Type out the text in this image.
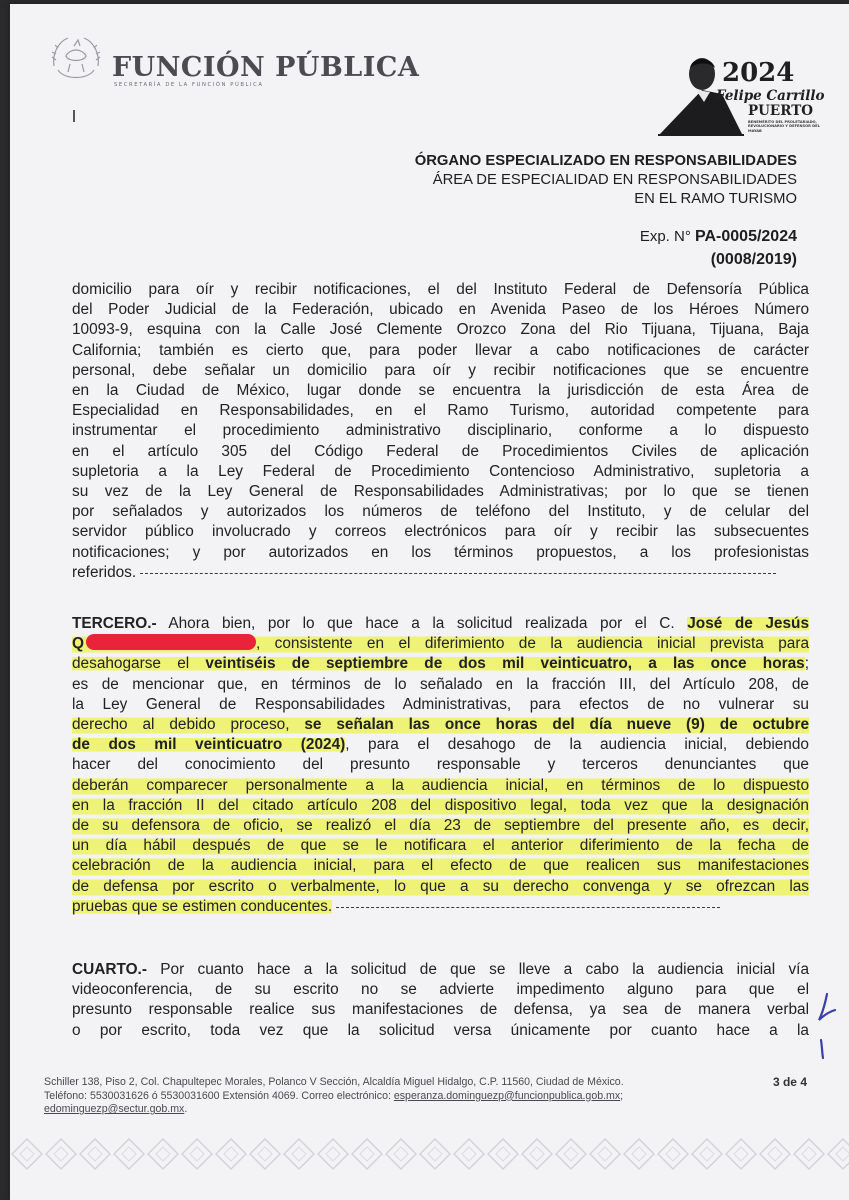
FUNCIÓN PÚBLICA
SECRETARÍA DE LA FUNCIÓN PÚBLICA	2024
Felipe Carrillo
PUERTO
BENEMÉRITO DEL PROLETARIADO, REVOLUCIONARIO Y DEFENSOR DEL MAYAB
ÓRGANO ESPECIALIZADO EN RESPONSABILIDADES
ÁREA DE ESPECIALIDAD EN RESPONSABILIDADES
EN EL RAMO TURISMO
Exp. N° PA-0005/2024
(0008/2019)
domicilio para oír y recibir notificaciones, el del Instituto Federal de Defensoría Pública
del Poder Judicial de la Federación, ubicado en Avenida Paseo de los Héroes Número
10093-9, esquina con la Calle José Clemente Orozco Zona del Rio Tijuana, Tijuana, Baja
California; también es cierto que, para poder llevar a cabo notificaciones de carácter
personal, debe señalar un domicilio para oír y recibir notificaciones que se encuentre
en la Ciudad de México, lugar donde se encuentra la jurisdicción de esta Área de
Especialidad en Responsabilidades, en el Ramo Turismo, autoridad competente para
instrumentar el procedimiento administrativo disciplinario, conforme a lo dispuesto
en el artículo 305 del Código Federal de Procedimientos Civiles de aplicación
supletoria a la Ley Federal de Procedimiento Contencioso Administrativo, supletoria a
su vez de la Ley General de Responsabilidades Administrativas; por lo que se tienen
por señalados y autorizados los números de teléfono del Instituto, y de celular del
servidor público involucrado y correos electrónicos para oír y recibir las subsecuentes
notificaciones; y por autorizados en los términos propuestos, a los profesionistas
referidos.
TERCERO.- Ahora bien, por lo que hace a la solicitud realizada por el C. José de Jesús
Q	, consistente en el diferimiento de la audiencia inicial prevista para
desahogarse el veintiséis de septiembre de dos mil veinticuatro, a las once horas;
es de mencionar que, en términos de lo señalado en la fracción III, del Artículo 208, de
la Ley General de Responsabilidades Administrativas, para efectos de no vulnerar su
derecho al debido proceso, se señalan las once horas del día nueve (9) de octubre
de dos mil veinticuatro (2024), para el desahogo de la audiencia inicial, debiendo
hacer del conocimiento del presunto responsable y terceros denunciantes que
deberán comparecer personalmente a la audiencia inicial, en términos de lo dispuesto
en la fracción II del citado artículo 208 del dispositivo legal, toda vez que la designación
de su defensora de oficio, se realizó el día 23 de septiembre del presente año, es decir,
un día hábil después de que se le notificara el anterior diferimiento de la fecha de
celebración de la audiencia inicial, para el efecto de que realicen sus manifestaciones
de defensa por escrito o verbalmente, lo que a su derecho convenga y se ofrezcan las
pruebas que se estimen conducentes.
CUARTO.- Por cuanto hace a la solicitud de que se lleve a cabo la audiencia inicial vía
videoconferencia, de su escrito no se advierte impedimento alguno para que el
presunto responsable realice sus manifestaciones de defensa, ya sea de manera verbal
o por escrito, toda vez que la solicitud versa únicamente por cuanto hace a la
Schiller 138, Piso 2, Col. Chapultepec Morales, Polanco V Sección, Alcaldía Miguel Hidalgo, C.P. 11560, Ciudad de México.
Teléfono: 5530031626 ó 5530031600 Extensión 4069. Correo electrónico: esperanza.dominguezp@funcionpublica.gob.mx;
edominguezp@sectur.gob.mx.
3 de 4
